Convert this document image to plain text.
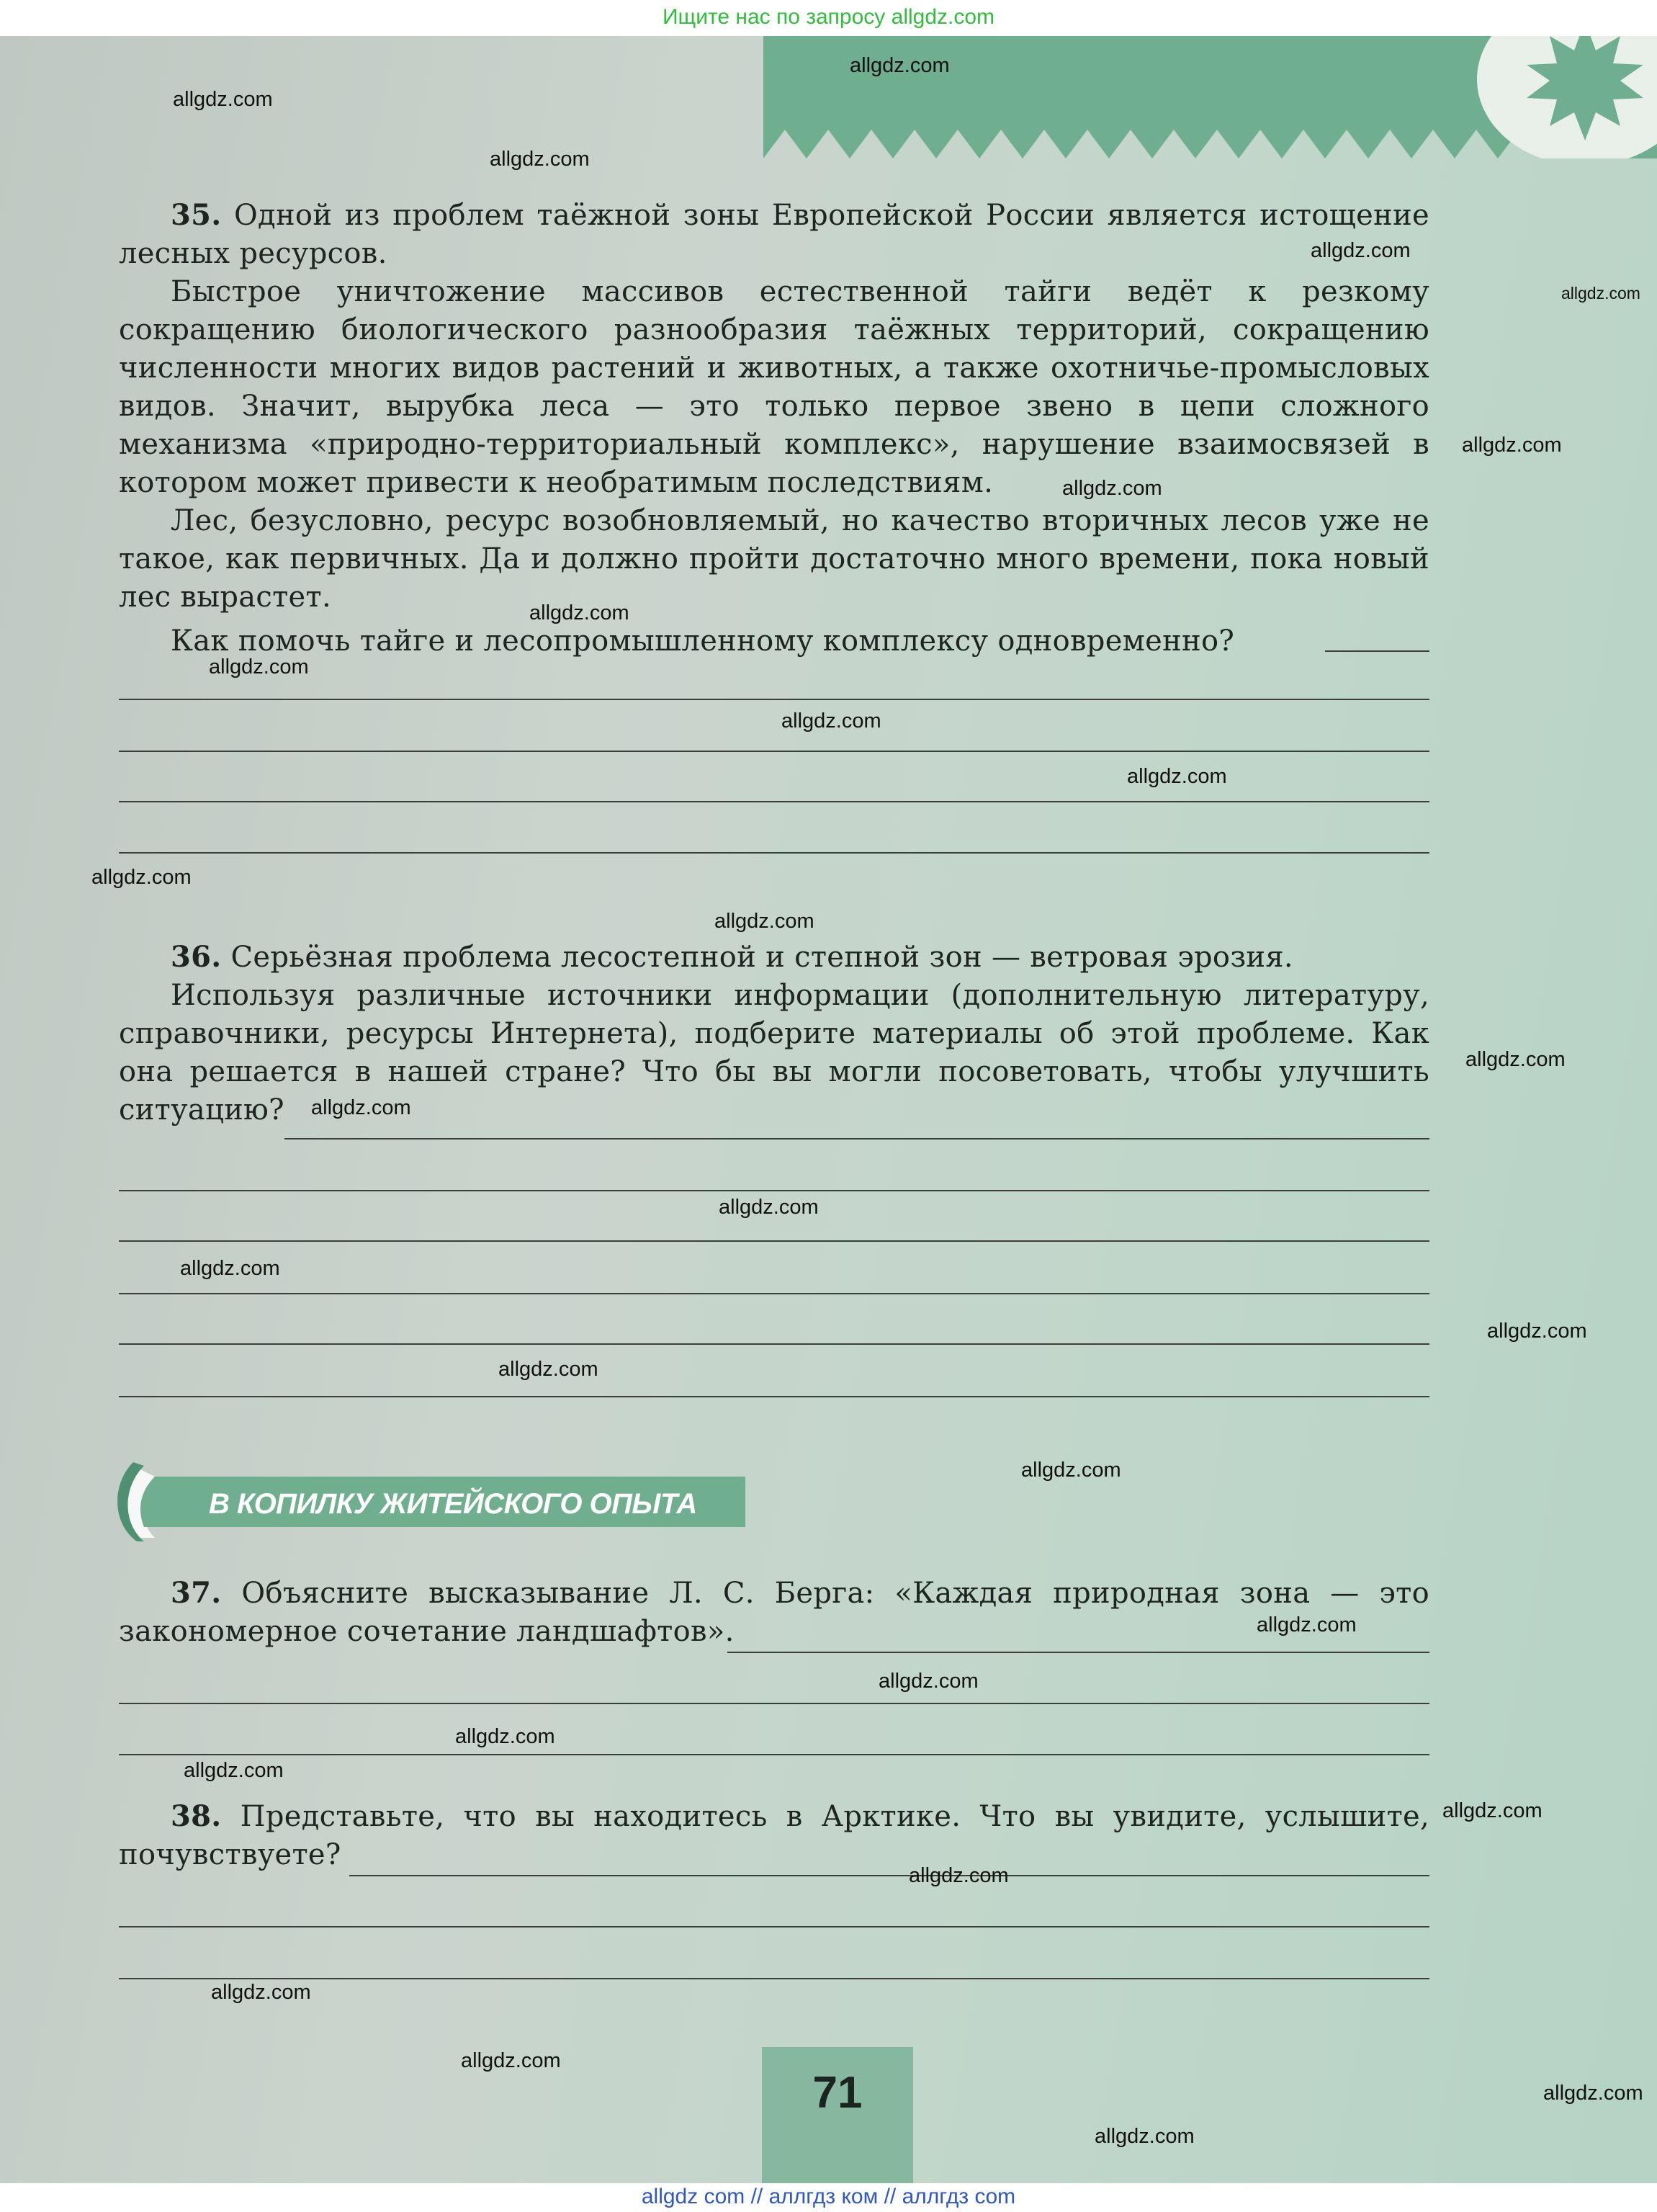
Ищите нас по запросу allgdz.com

35. Одной из проблем таёжной зоны Европейской России является истощение лесных ресурсов.

Быстрое уничтожение массивов естественной тайги ведёт к резкому сокращению биологического разнообразия таёжных территорий, сокращению численности многих видов растений и животных, а также охотничье-промысловых видов. Значит, вырубка леса — это только первое звено в цепи сложного механизма «природно-территориальный комплекс», нарушение взаимосвязей в котором может привести к необратимым последствиям.

Лес, безусловно, ресурс возобновляемый, но качество вторичных лесов уже не такое, как первичных. Да и должно пройти достаточно много времени, пока новый лес вырастет.

Как помочь тайге и лесопромышленному комплексу одновременно?

36. Серьёзная проблема лесостепной и степной зон — ветровая эрозия.

Используя различные источники информации (дополнительную литературу, справочники, ресурсы Интернета), подберите материалы об этой проблеме. Как она решается в нашей стране? Что бы вы могли посоветовать, чтобы улучшить ситуацию?

В КОПИЛКУ ЖИТЕЙСКОГО ОПЫТА

37. Объясните высказывание Л. С. Берга: «Каждая природная зона — это закономерное сочетание ландшафтов».

38. Представьте, что вы находитесь в Арктике. Что вы увидите, услышите, почувствуете?

71
allgdz.com
allgdz.com
allgdz.com
allgdz.com
allgdz.com
allgdz.com
allgdz.com
allgdz.com
allgdz.com
allgdz.com
allgdz.com
allgdz.com
allgdz.com
allgdz.com
allgdz.com
allgdz.com
allgdz.com
allgdz.com
allgdz.com
allgdz.com
allgdz.com
allgdz.com
allgdz.com
allgdz.com
allgdz.com
allgdz.com
allgdz.com
allgdz.com
allgdz.com
allgdz.com
allgdz com // аллгдз ком // аллгдз com
